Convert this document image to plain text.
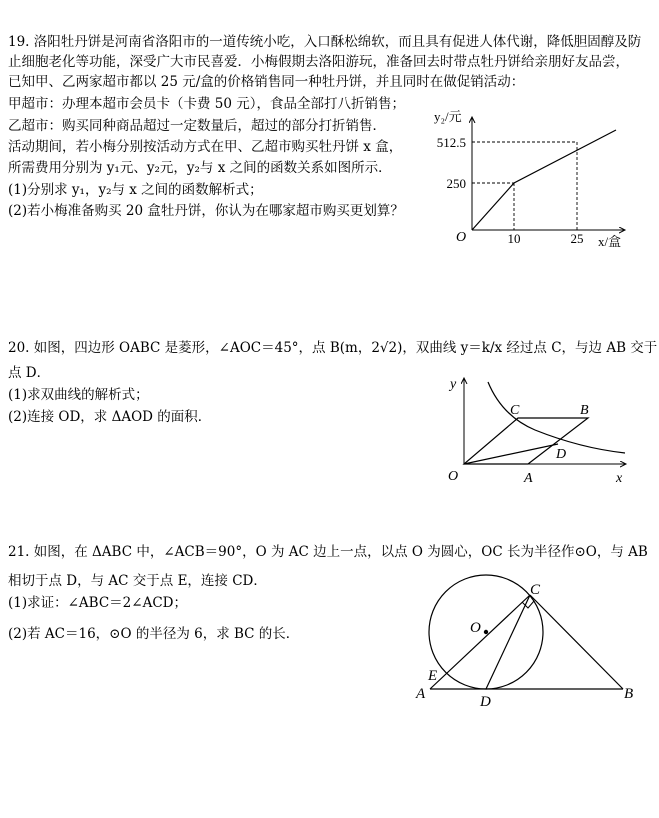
19. 洛阳牡丹饼是河南省洛阳市的一道传统小吃，入口酥松绵软，而且具有促进人体代谢，降低胆固醇及防
止细胞老化等功能，深受广大市民喜爱．小梅假期去洛阳游玩，准备回去时带点牡丹饼给亲朋好友品尝，
已知甲、乙两家超市都以 25 元/盒的价格销售同一种牡丹饼，并且同时在做促销活动：
甲超市：办理本超市会员卡（卡费 50 元），食品全部打八折销售；
乙超市：购买同种商品超过一定数量后，超过的部分打折销售．
活动期间，若小梅分别按活动方式在甲、乙超市购买牡丹饼 x 盒，
所需费用分别为 y₁元、y₂元，y₂与 x 之间的函数关系如图所示．
(1)分别求 y₁，y₂与 x 之间的函数解析式；
(2)若小梅准备购买 20 盒牡丹饼，你认为在哪家超市购买更划算？
y₂/元
512.5
250
O	10	25 x/盒
20. 如图，四边形 OABC 是菱形，∠AOC＝45°，点 B(m，2√2)，双曲线 y＝k/x 经过点 C，与边 AB 交于
点 D．
(1)求双曲线的解析式；
(2)连接 OD，求 ΔAOD 的面积．
y
x
O	A
C	B
D
21. 如图，在 ΔABC 中，∠ACB＝90°，O 为 AC 边上一点，以点 O 为圆心，OC 长为半径作⊙O，与 AB
相切于点 D，与 AC 交于点 E，连接 CD．
(1)求证：∠ABC＝2∠ACD；
(2)若 AC＝16，⊙O 的半径为 6，求 BC 的长．	O
C
E
A	D	B
